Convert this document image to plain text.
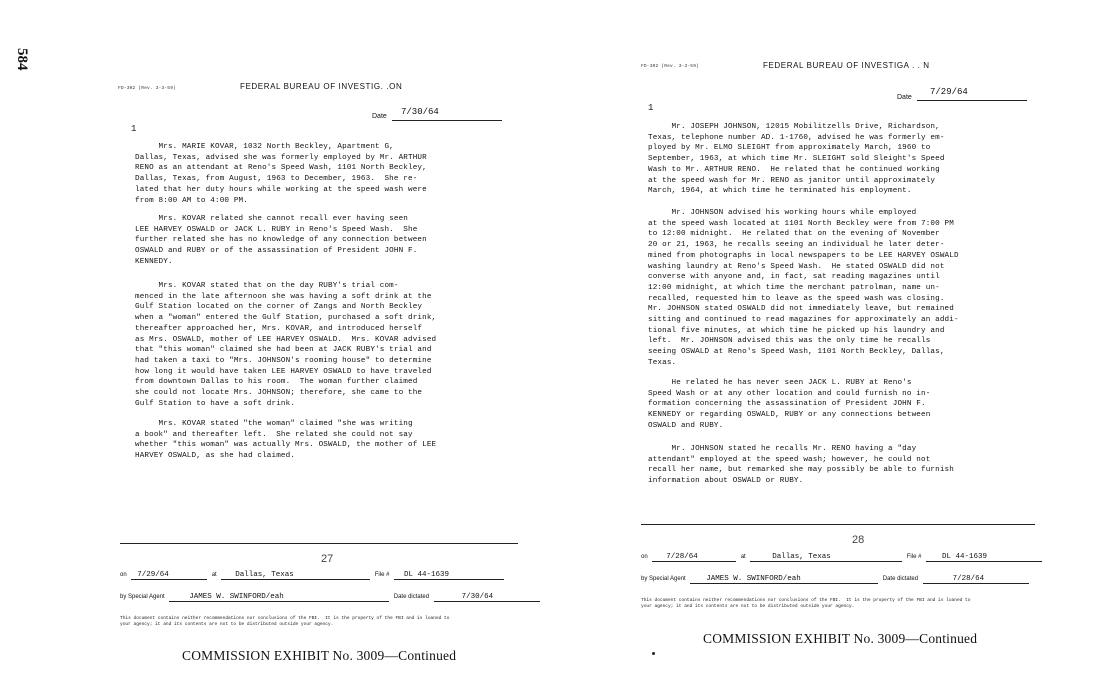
584
FD-302 (Rev. 3-3-59)	FEDERAL BUREAU OF INVESTIG. .ON
Date 7/30/64
1
Mrs. MARIE KOVAR, 1032 North Beckley, Apartment G,
Dallas, Texas, advised she was formerly employed by Mr. ARTHUR
RENO as an attendant at Reno's Speed Wash, 1101 North Beckley,
Dallas, Texas, from August, 1963 to December, 1963.  She re-
lated that her duty hours while working at the speed wash were
from 8:00 AM to 4:00 PM.
Mrs. KOVAR related she cannot recall ever having seen
LEE HARVEY OSWALD or JACK L. RUBY in Reno's Speed Wash.  She
further related she has no knowledge of any connection between
OSWALD and RUBY or of the assassination of President JOHN F.
KENNEDY.
Mrs. KOVAR stated that on the day RUBY's trial com-
menced in the late afternoon she was having a soft drink at the
Gulf Station located on the corner of Zangs and North Beckley
when a "woman" entered the Gulf Station, purchased a soft drink,
thereafter approached her, Mrs. KOVAR, and introduced herself
as Mrs. OSWALD, mother of LEE HARVEY OSWALD.  Mrs. KOVAR advised
that "this woman" claimed she had been at JACK RUBY's trial and
had taken a taxi to "Mrs. JOHNSON's rooming house" to determine
how long it would have taken LEE HARVEY OSWALD to have traveled
from downtown Dallas to his room.  The woman further claimed
she could not locate Mrs. JOHNSON; therefore, she came to the
Gulf Station to have a soft drink.
Mrs. KOVAR stated "the woman" claimed "she was writing
a book" and thereafter left.  She related she could not say
whether "this woman" was actually Mrs. OSWALD, the mother of LEE
HARVEY OSWALD, as she had claimed.
27
on 7/29/64	at Dallas, Texas	File # DL 44-1639
by Special Agent	JAMES W. SWINFORD/eah	Date dictated	7/30/64
This document contains neither recommendations nor conclusions of the FBI.  It is the property of the FBI and is loaned to
your agency; it and its contents are not to be distributed outside your agency.
COMMISSION EXHIBIT No. 3009—Continued
FD-302 (Rev. 3-3-59)	FEDERAL BUREAU OF INVESTIGA . . N
Date
7/29/64
1
Mr. JOSEPH JOHNSON, 12015 Mobilitzells Drive, Richardson,
Texas, telephone number AD. 1-1760, advised he was formerly em-
ployed by Mr. ELMO SLEIGHT from approximately March, 1960 to
September, 1963, at which time Mr. SLEIGHT sold Sleight's Speed
Wash to Mr. ARTHUR RENO.  He related that he continued working
at the speed wash for Mr. RENO as janitor until approximately
March, 1964, at which time he terminated his employment.
Mr. JOHNSON advised his working hours while employed
at the speed wash located at 1101 North Beckley were from 7:00 PM
to 12:00 midnight.  He related that on the evening of November
20 or 21, 1963, he recalls seeing an individual he later deter-
mined from photographs in local newspapers to be LEE HARVEY OSWALD
washing laundry at Reno's Speed Wash.  He stated OSWALD did not
converse with anyone and, in fact, sat reading magazines until
12:00 midnight, at which time the merchant patrolman, name un-
recalled, requested him to leave as the speed wash was closing.
Mr. JOHNSON stated OSWALD did not immediately leave, but remained
sitting and continued to read magazines for approximately an addi-
tional five minutes, at which time he picked up his laundry and
left.  Mr. JOHNSON advised this was the only time he recalls
seeing OSWALD at Reno's Speed Wash, 1101 North Beckley, Dallas,
Texas.
He related he has never seen JACK L. RUBY at Reno's
Speed Wash or at any other location and could furnish no in-
formation concerning the assassination of President JOHN F.
KENNEDY or regarding OSWALD, RUBY or any connections between
OSWALD and RUBY.
Mr. JOHNSON stated he recalls Mr. RENO having a "day
attendant" employed at the speed wash; however, he could not
recall her name, but remarked she may possibly be able to furnish
information about OSWALD or RUBY.
28
on 7/28/64	at	Dallas, Texas	File #	DL 44-1639
by Special Agent	JAMES W. SWINFORD/eah	Date dictated	7/28/64
This document contains neither recommendations nor conclusions of the FBI.  It is the property of the FBI and is loaned to
your agency; it and its contents are not to be distributed outside your agency.
COMMISSION EXHIBIT No. 3009—Continued
